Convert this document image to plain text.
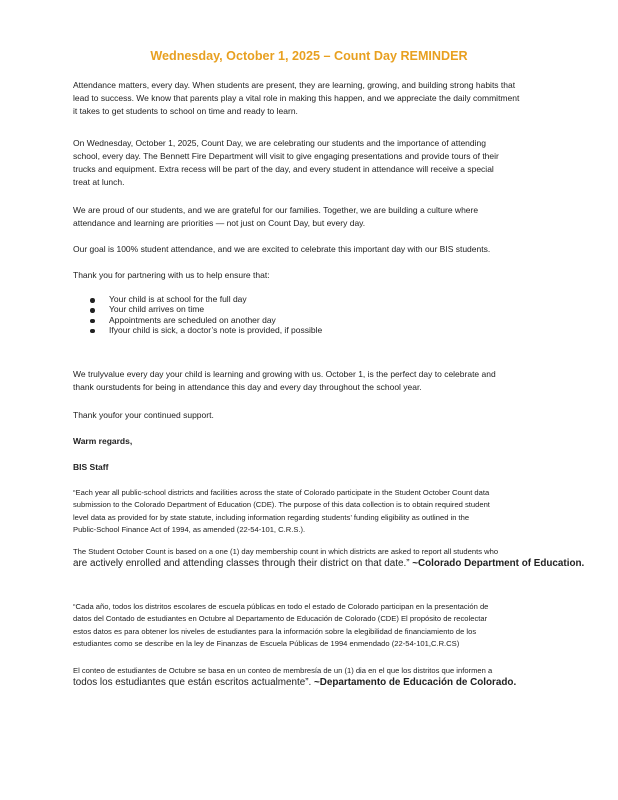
Wednesday, October 1, 2025 – Count Day REMINDER

Attendance matters, every day. When students are present, they are learning, growing, and building strong habits that
lead to success. We know that parents play a vital role in making this happen, and we appreciate the daily commitment
it takes to get students to school on time and ready to learn.

On Wednesday, October 1, 2025, Count Day, we are celebrating our students and the importance of attending
school, every day. The Bennett Fire Department will visit to give engaging presentations and provide tours of their
trucks and equipment. Extra recess will be part of the day, and every student in attendance will receive a special
treat at lunch.

We are proud of our students, and we are grateful for our families. Together, we are building a culture where
attendance and learning are priorities — not just on Count Day, but every day.

Our goal is 100% student attendance, and we are excited to celebrate this important day with our BIS students.

Thank you for partnering with us to help ensure that:

Your child is at school for the full day
Your child arrives on time
Appointments are scheduled on another day
Ifyour child is sick, a doctor’s note is provided, if possible

We trulyvalue every day your child is learning and growing with us. October 1, is the perfect day to celebrate and
thank ourstudents for being in attendance this day and every day throughout the school year.

Thank youfor your continued support.

Warm regards,

BIS Staff

“Each year all public-school districts and facilities across the state of Colorado participate in the Student October Count data
submission to the Colorado Department of Education (CDE). The purpose of this data collection is to obtain required student
level data as provided for by state statute, including information regarding students’ funding eligibility as outlined in the
Public-School Finance Act of 1994, as amended (22-54-101, C.R.S.).

The Student October Count is based on a one (1) day membership count in which districts are asked to report all students who
are actively enrolled and attending classes through their district on that date.” ~Colorado Department of Education.

“Cada año, todos los distritos escolares de escuela públicas en todo el estado de Colorado participan en la presentación de
datos del Contado de estudiantes en Octubre al Departamento de Educación de Colorado (CDE) El propósito de recolectar
estos datos es para obtener los niveles de estudiantes para la información sobre la elegibilidad de financiamiento de los
estudiantes como se describe en la ley de Finanzas de Escuela Públicas de 1994 enmendado (22-54-101,C.R.CS)

El conteo de estudiantes de Octubre se basa en un conteo de membresía de un (1) dia en el que los distritos que informen a
todos los estudiantes que están escritos actualmente”. ~Departamento de Educación de Colorado.
